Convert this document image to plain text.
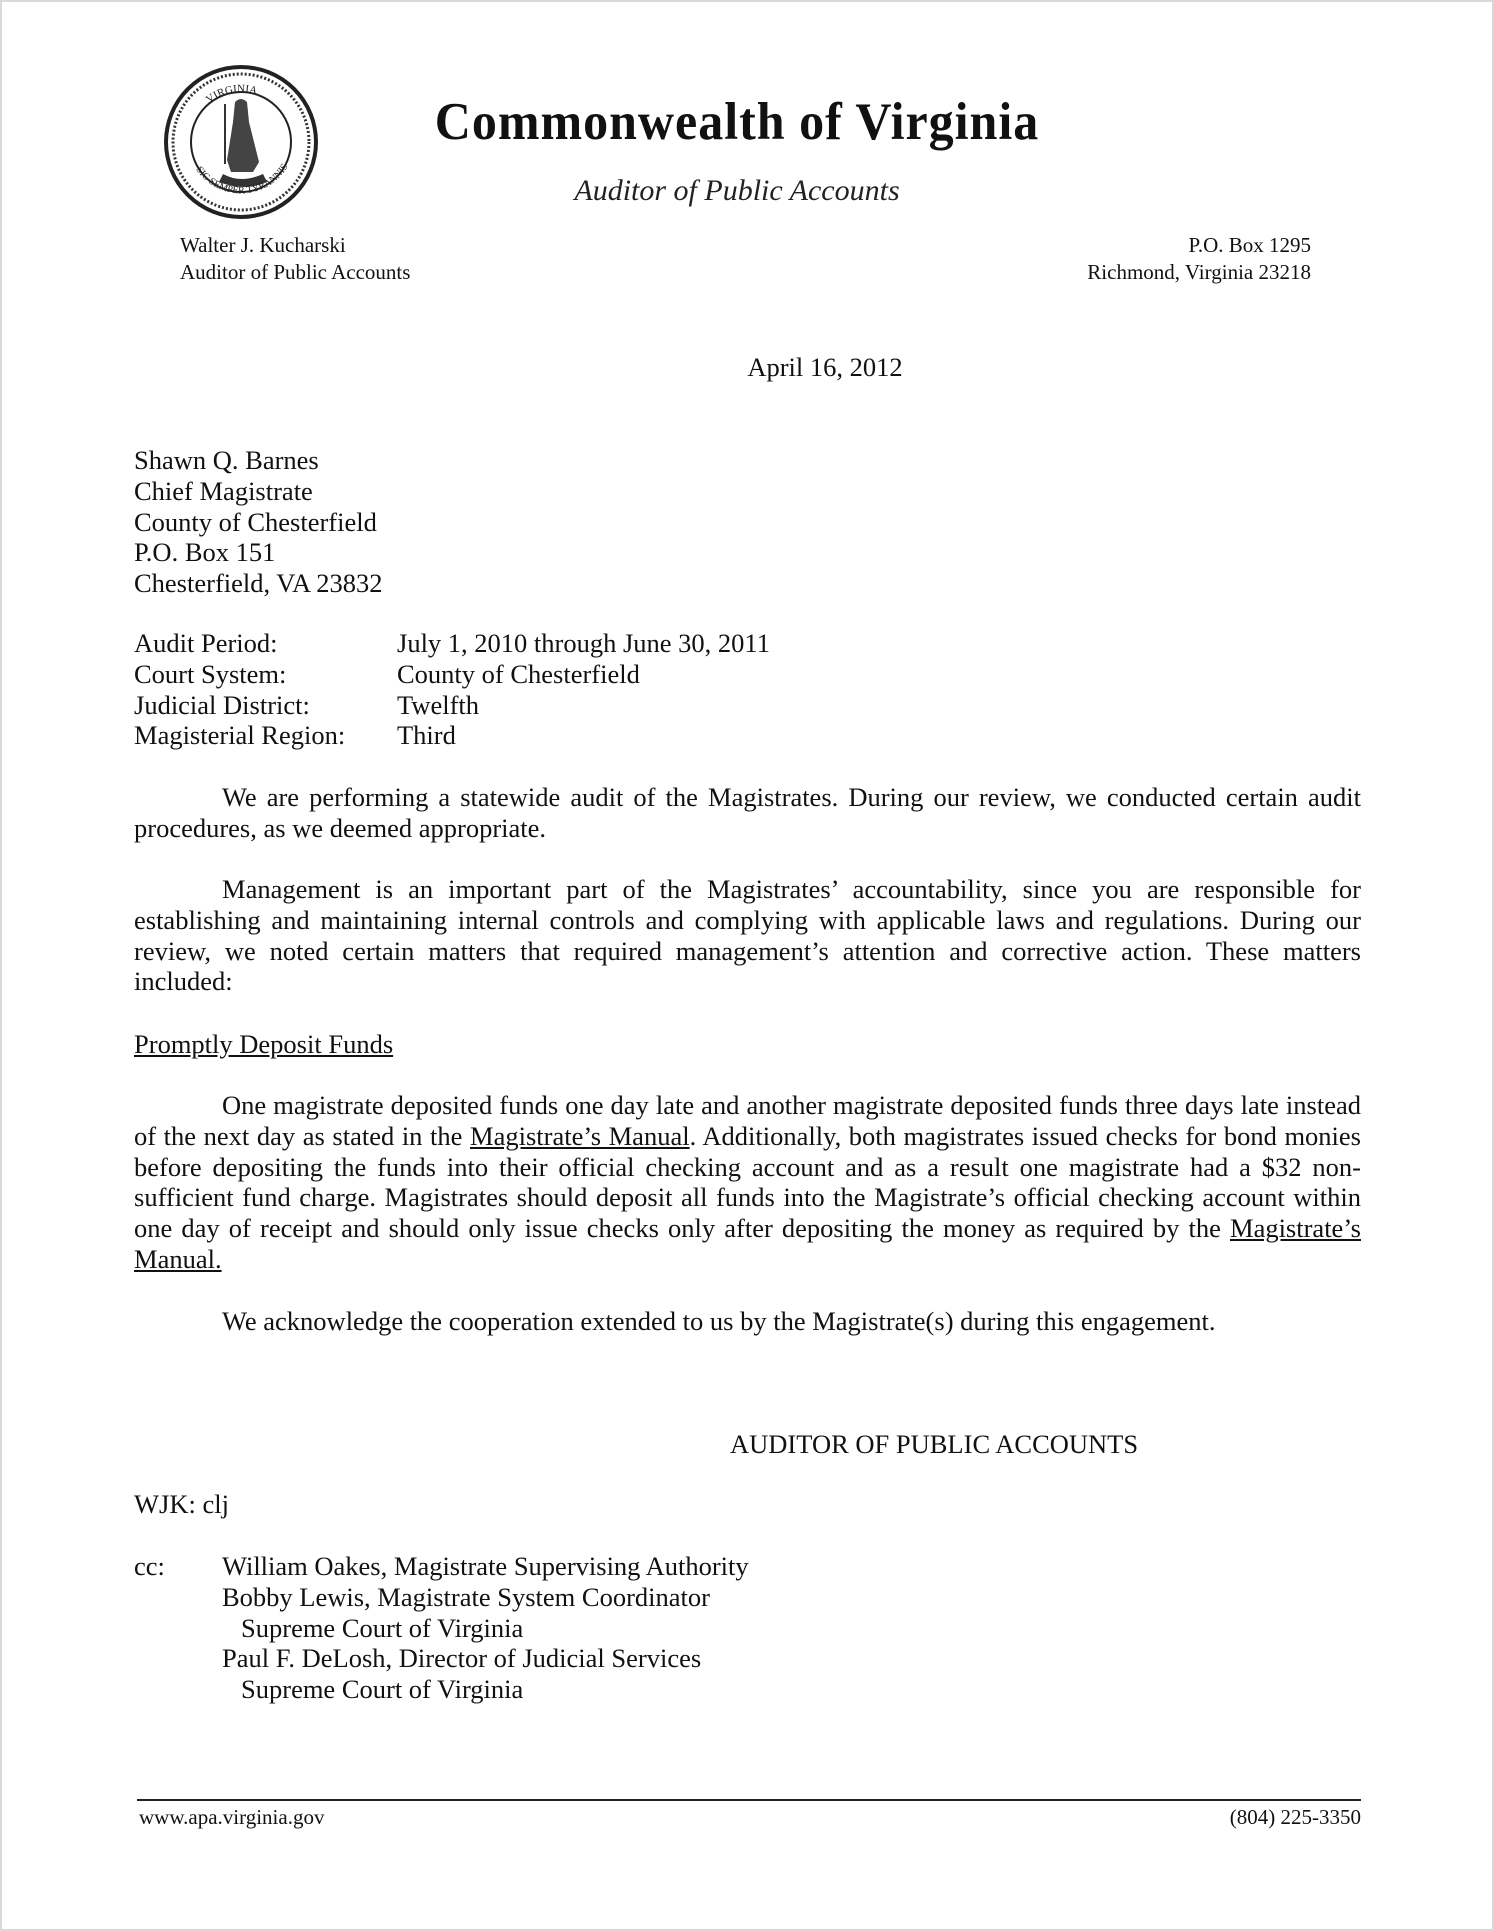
VIRGINIA
SIC SEMPER TYRANNIS
Commonwealth of Virginia
Auditor of Public Accounts
Walter J. Kucharski
Auditor of Public Accounts
P.O. Box 1295
Richmond, Virginia 23218
April 16, 2012
Shawn Q. Barnes
Chief Magistrate
County of Chesterfield
P.O. Box 151
Chesterfield, VA 23832
Audit Period:	July 1, 2010 through June 30, 2011
Court System:	County of Chesterfield
Judicial District:	Twelfth
Magisterial Region:	Third
We are performing a statewide audit of the Magistrates. During our review, we conducted certain audit procedures, as we deemed appropriate.
Management is an important part of the Magistrates’ accountability, since you are responsible for establishing and maintaining internal controls and complying with applicable laws and regulations. During our review, we noted certain matters that required management’s attention and corrective action. These matters included:
Promptly Deposit Funds
One magistrate deposited funds one day late and another magistrate deposited funds three days late instead of the next day as stated in the Magistrate’s Manual. Additionally, both magistrates issued checks for bond monies before depositing the funds into their official checking account and as a result one magistrate had a $32 non-sufficient fund charge. Magistrates should deposit all funds into the Magistrate’s official checking account within one day of receipt and should only issue checks only after depositing the money as required by the Magistrate’s Manual.
We acknowledge the cooperation extended to us by the Magistrate(s) during this engagement.
AUDITOR OF PUBLIC ACCOUNTS
WJK: clj
cc:	William Oakes, Magistrate Supervising Authority
Bobby Lewis, Magistrate System Coordinator
Supreme Court of Virginia
Paul F. DeLosh, Director of Judicial Services
Supreme Court of Virginia
www.apa.virginia.gov	(804) 225-3350
